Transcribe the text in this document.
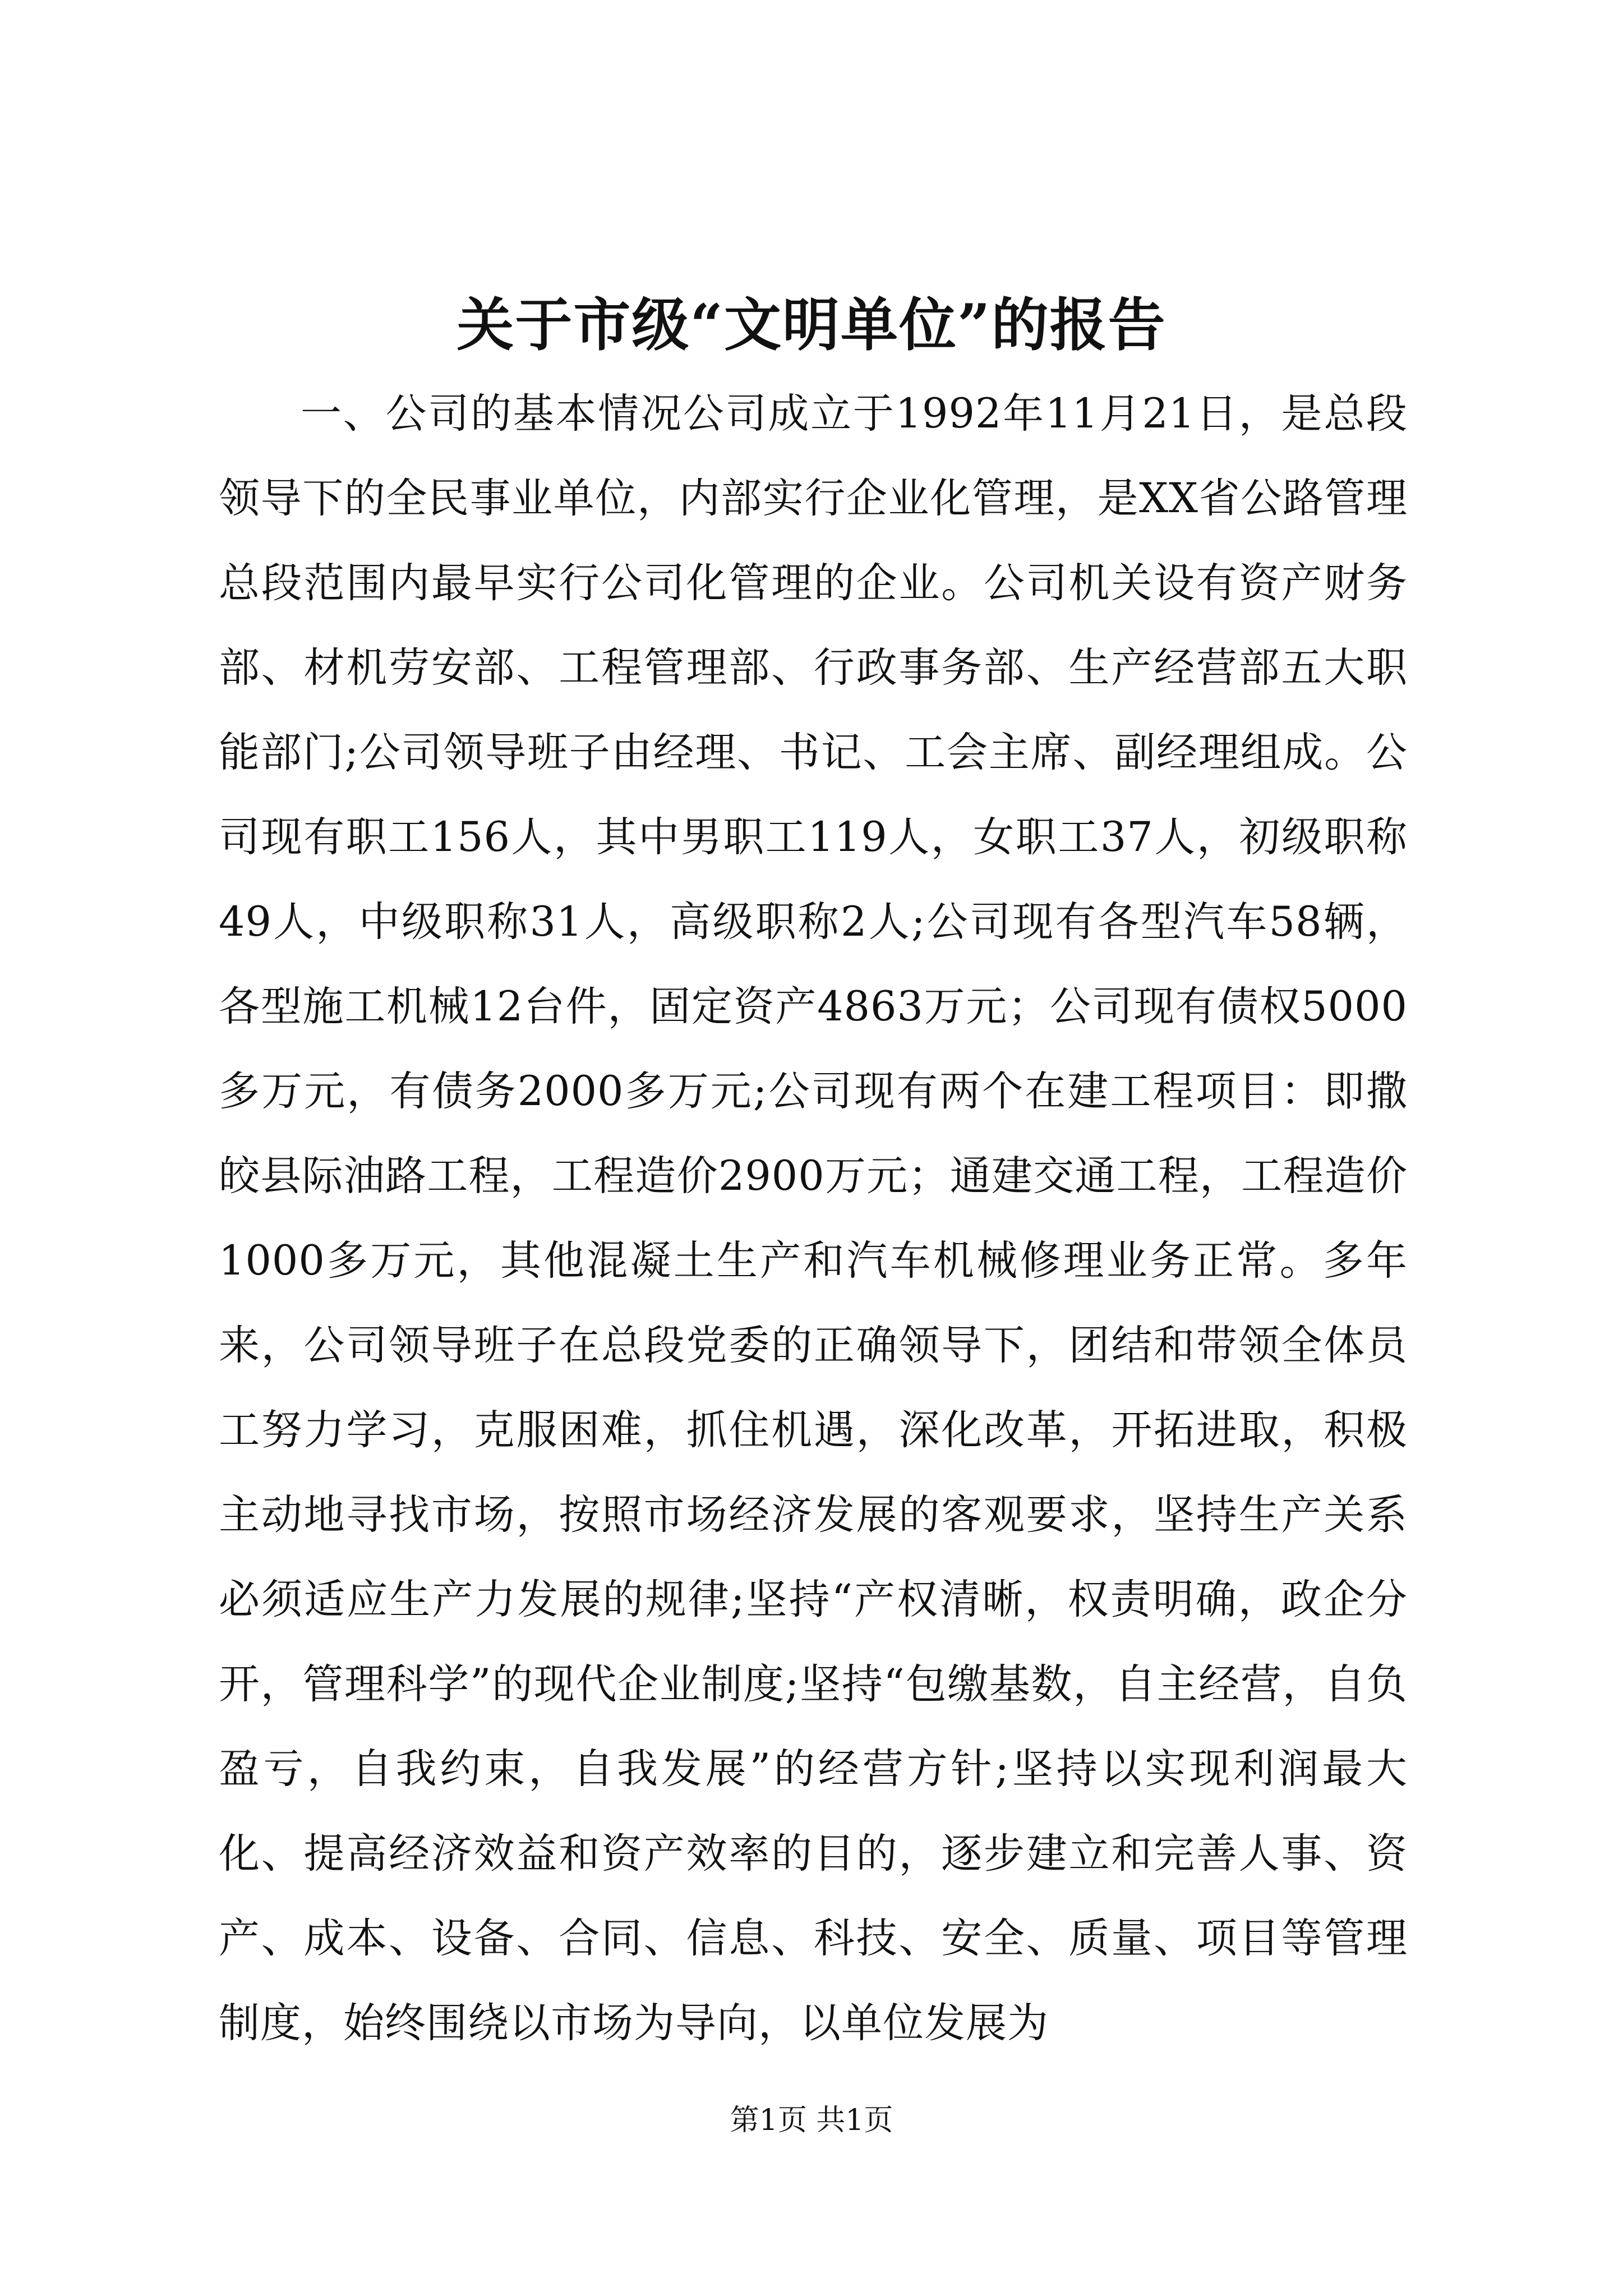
关于市级“文明单位”的报告

一、公司的基本情况公司成立于1992年11月21日，是总段领导下的全民事业单位，内部实行企业化管理，是XX省公路管理总段范围内最早实行公司化管理的企业。公司机关设有资产财务部、材机劳安部、工程管理部、行政事务部、生产经营部五大职能部门;公司领导班子由经理、书记、工会主席、副经理组成。公司现有职工156人，其中男职工119人，女职工37人，初级职称49人，中级职称31人，高级职称2人;公司现有各型汽车58辆，各型施工机械12台件，固定资产4863万元；公司现有债权5000多万元，有债务2000多万元;公司现有两个在建工程项目：即撒皎县际油路工程，工程造价2900万元；通建交通工程，工程造价1000多万元，其他混凝土生产和汽车机械修理业务正常。多年来，公司领导班子在总段党委的正确领导下，团结和带领全体员工努力学习，克服困难，抓住机遇，深化改革，开拓进取，积极主动地寻找市场，按照市场经济发展的客观要求，坚持生产关系必须适应生产力发展的规律;坚持“产权清晰，权责明确，政企分开，管理科学”的现代企业制度;坚持“包缴基数，自主经营，自负盈亏，自我约束，自我发展”的经营方针;坚持以实现利润最大化、提高经济效益和资产效率的目的，逐步建立和完善人事、资产、成本、设备、合同、信息、科技、安全、质量、项目等管理制度，始终围绕以市场为导向，以单位发展为

第1页 共1页
